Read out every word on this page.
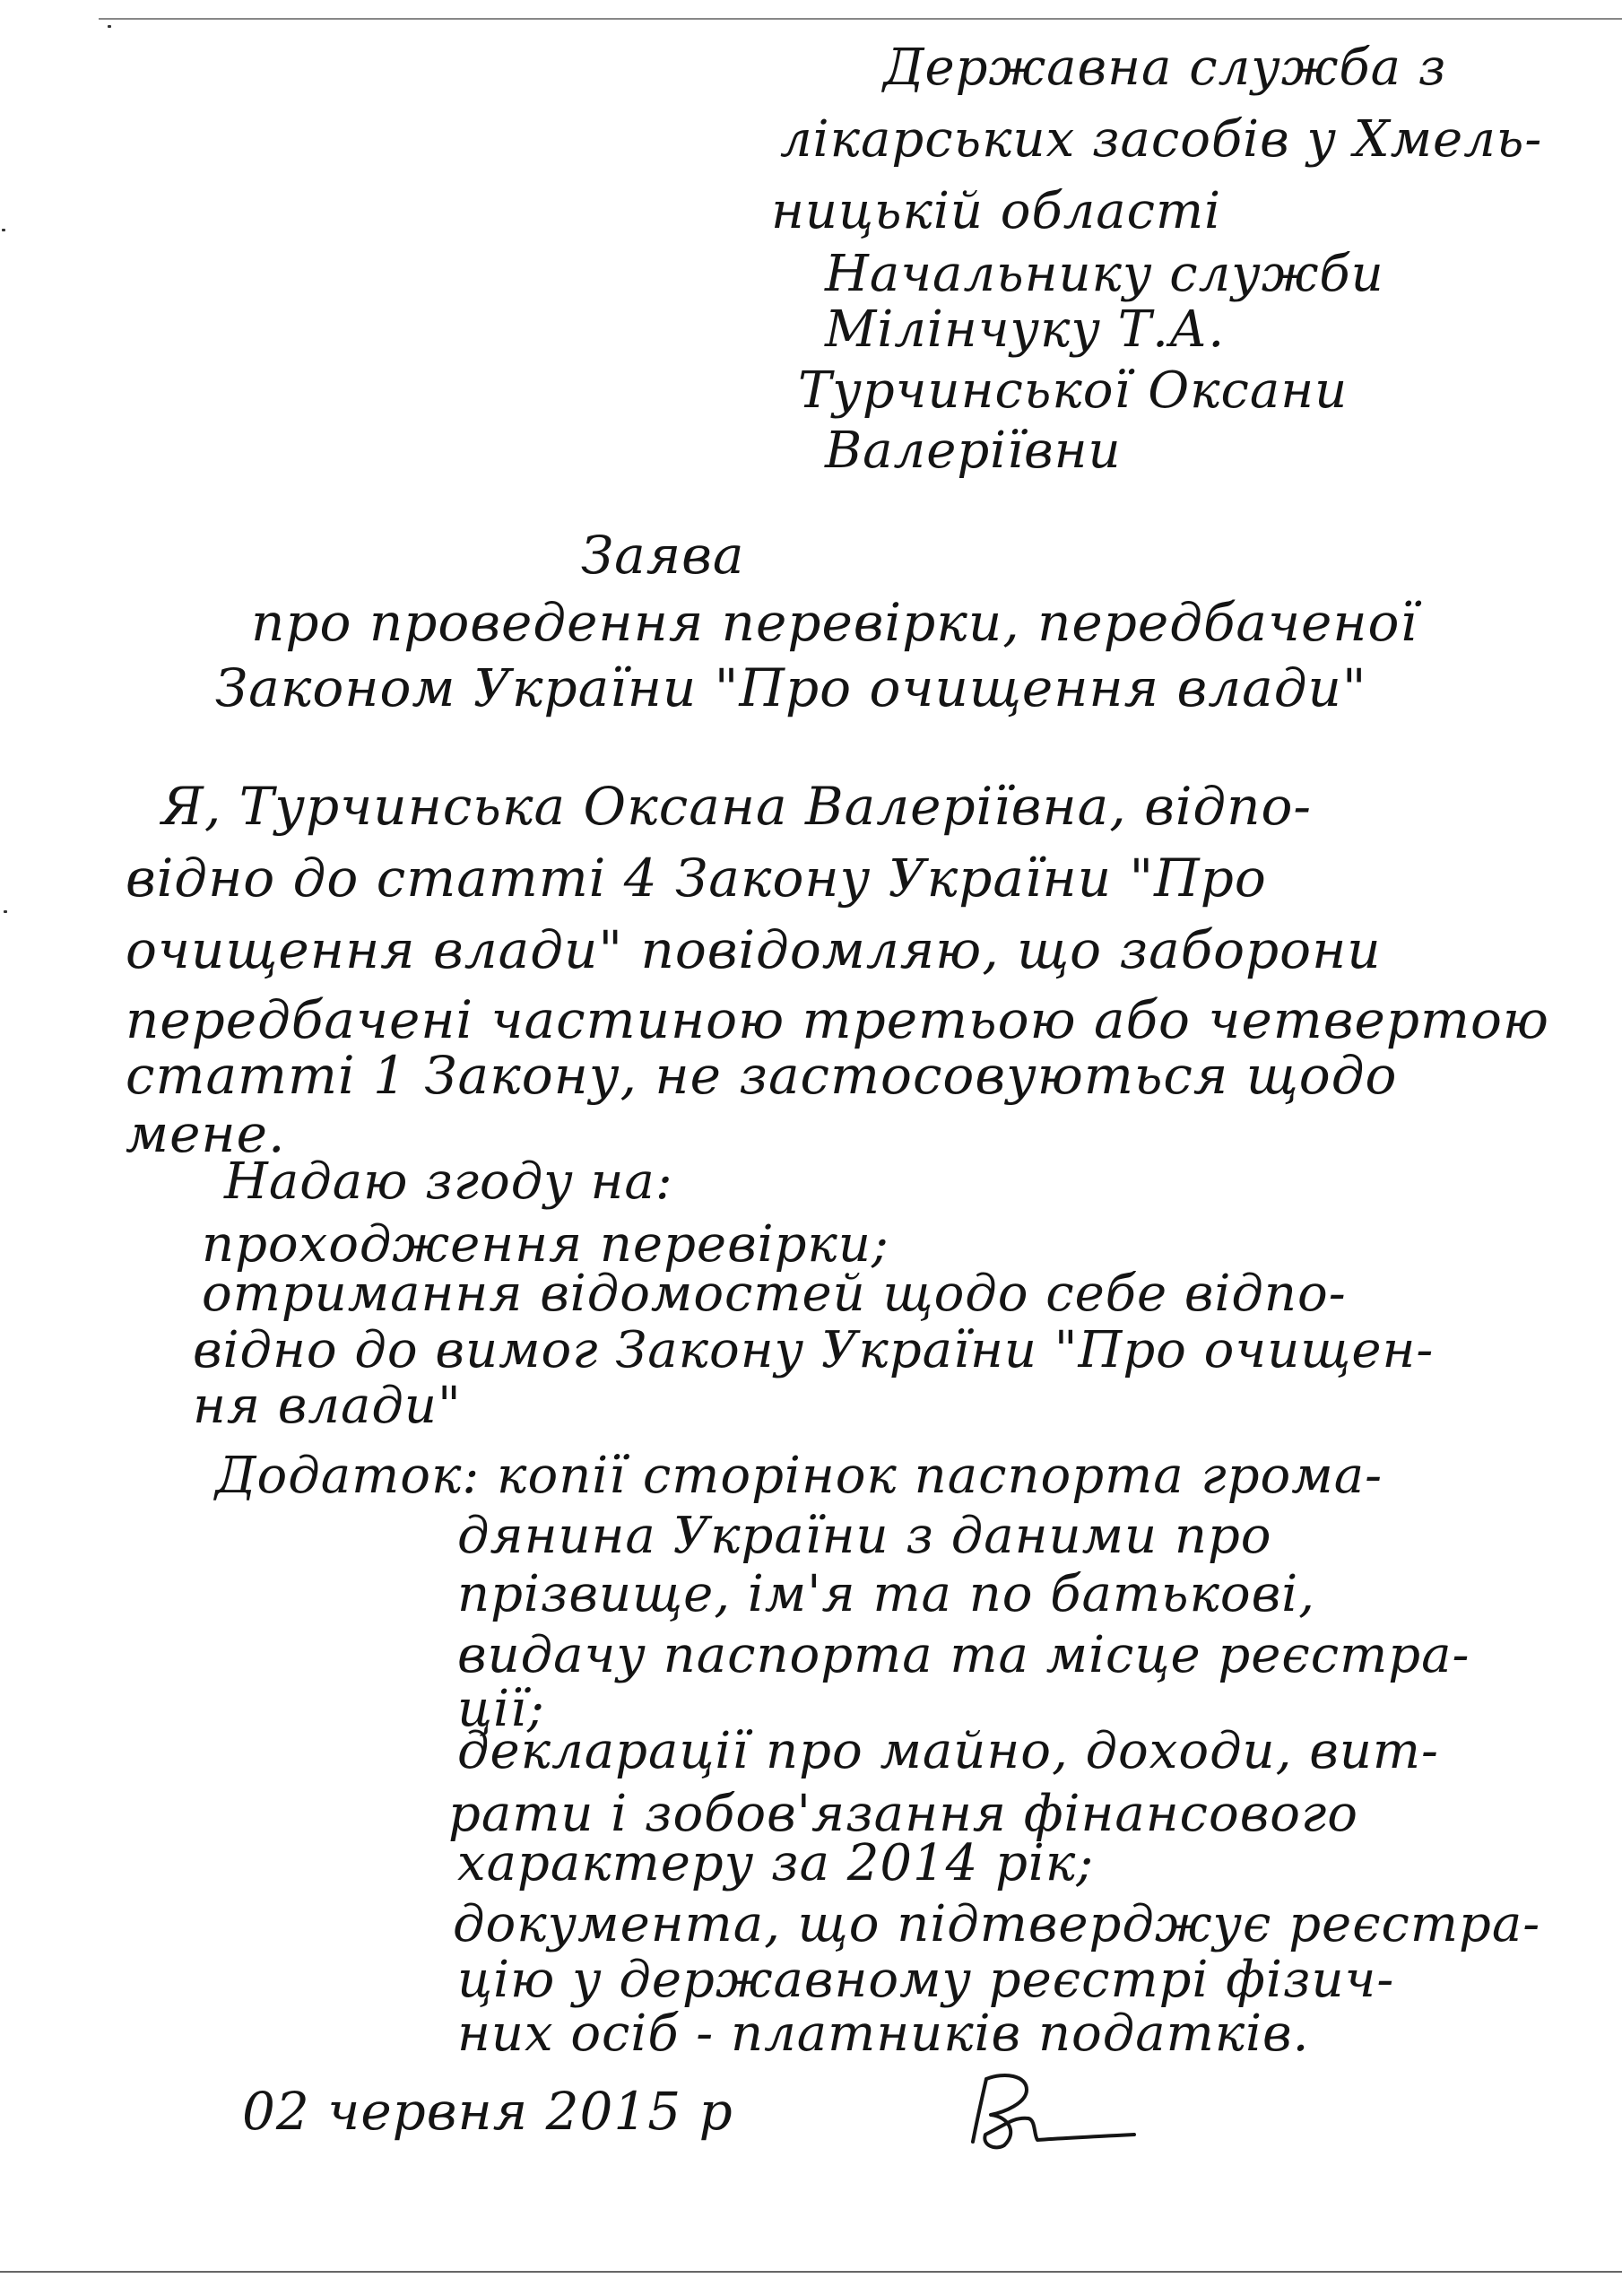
Державна служба з
лікарських засобів у Хмель-
ницькій області
Начальнику служби
Мілінчуку Т.А.
Турчинської Оксани
Валеріївни
Заява
про проведення перевірки, передбаченої
Законом України "Про очищення влади"
Я, Турчинська Оксана Валеріївна, відпо-
відно до статті 4 Закону України "Про
очищення влади" повідомляю, що заборони
передбачені частиною третьою або четвертою
статті 1 Закону, не застосовуються щодо
мене.
Надаю згоду на:
проходження перевірки;
отримання відомостей щодо себе відпо-
відно до вимог Закону України "Про очищен-
ня влади"
Додаток: копії сторінок паспорта грома-
дянина України з даними про
прізвище, ім'я та по батькові,
видачу паспорта та місце реєстра-
ції;
декларації про майно, доходи, вит-
рати і зобов'язання фінансового
характеру за 2014 рік;
документа, що підтверджує реєстра-
цію у державному реєстрі фізич-
них осіб - платників податків.
02 червня 2015 р
